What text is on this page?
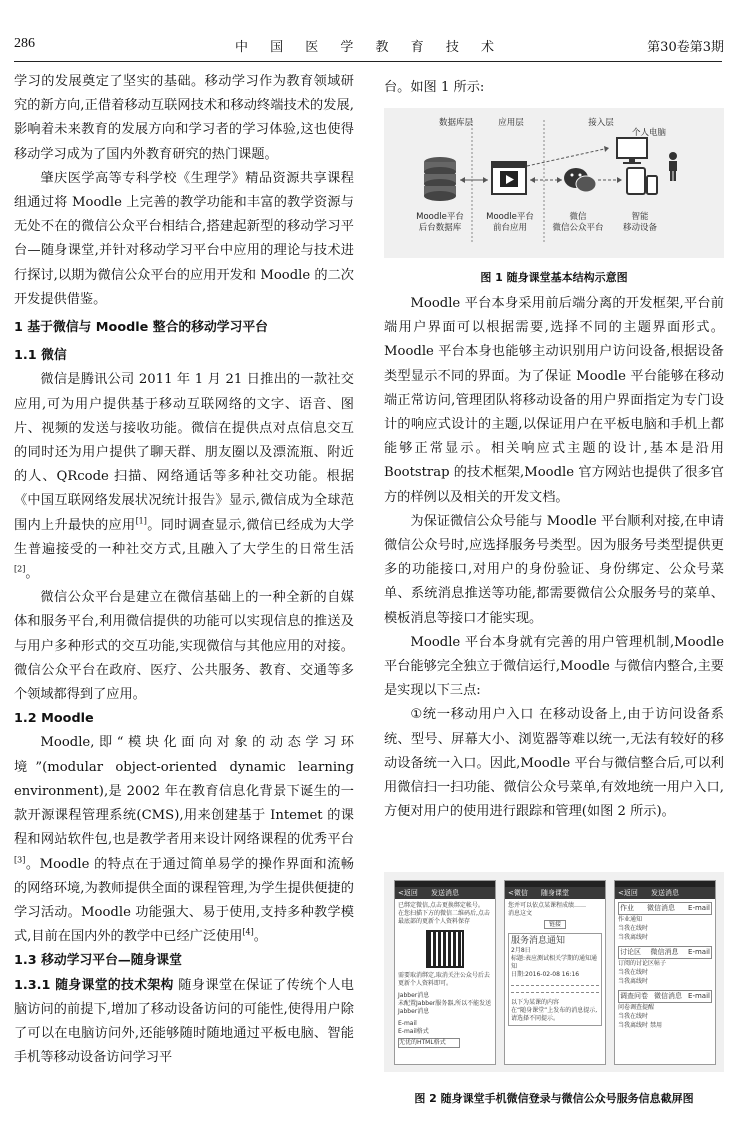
286	中 国 医 学 教 育 技 术	第30卷第3期

学习的发展奠定了坚实的基础。移动学习作为教育领域研究的新方向,正借着移动互联网技术和移动终端技术的发展,影响着未来教育的发展方向和学习者的学习体验,这也使得移动学习成为了国内外教育研究的热门课题。

肇庆医学高等专科学校《生理学》精品资源共享课程组通过将 Moodle 上完善的教学功能和丰富的教学资源与无处不在的微信公众平台相结合,搭建起新型的移动学习平台—随身课堂,并针对移动学习平台中应用的理论与技术进行探讨,以期为微信公众平台的应用开发和 Moodle 的二次开发提供借鉴。

1 基于微信与 Moodle 整合的移动学习平台

1.1 微信

微信是腾讯公司 2011 年 1 月 21 日推出的一款社交应用,可为用户提供基于移动互联网络的文字、语音、图片、视频的发送与接收功能。微信在提供点对点信息交互的同时还为用户提供了聊天群、朋友圈以及漂流瓶、附近的人、QRcode 扫描、网络通话等多种社交功能。根据《中国互联网络发展状况统计报告》显示,微信成为全球范围内上升最快的应用[1]。同时调查显示,微信已经成为大学生普遍接受的一种社交方式,且融入了大学生的日常生活[2]。

微信公众平台是建立在微信基础上的一种全新的自媒体和服务平台,利用微信提供的功能可以实现信息的推送及与用户多种形式的交互功能,实现微信与其他应用的对接。微信公众平台在政府、医疗、公共服务、教育、交通等多个领域都得到了应用。

1.2 Moodle

Moodle,即“模块化面向对象的动态学习环境”(modular object-oriented dynamic learning environment),是 2002 年在教育信息化背景下诞生的一款开源课程管理系统(CMS),用来创建基于 Intemet 的课程和网站软件包,也是教学者用来设计网络课程的优秀平台[3]。Moodle 的特点在于通过简单易学的操作界面和流畅的网络环境,为教师提供全面的课程管理,为学生提供便捷的学习活动。Moodle 功能强大、易于使用,支持多种教学模式,目前在国内外的教学中已经广泛使用[4]。

1.3 移动学习平台—随身课堂

1.3.1 随身课堂的技术架构 随身课堂在保证了传统个人电脑访问的前提下,增加了移动设备访问的可能性,使得用户除了可以在电脑访问外,还能够随时随地通过平板电脑、智能手机等移动设备访问学习平

台。如图 1 所示:

数据库层	应用层	接入层
个人电脑
Moodle平台
后台数据库
Moodle平台
前台应用
微信
微信公众平台
智能
移动设备
图 1 随身课堂基本结构示意图

Moodle 平台本身采用前后端分离的开发框架,平台前端用户界面可以根据需要,选择不同的主题界面形式。Moodle 平台本身也能够主动识别用户访问设备,根据设备类型显示不同的界面。为了保证 Moodle 平台能够在移动端正常访问,管理团队将移动设备的用户界面指定为专门设计的响应式设计的主题,以保证用户在平板电脑和手机上都能够正常显示。相关响应式主题的设计,基本是沿用 Bootstrap 的技术框架,Moodle 官方网站也提供了很多官方的样例以及相关的开发文档。

为保证微信公众号能与 Moodle 平台顺利对接,在申请微信公众号时,应选择服务号类型。因为服务号类型提供更多的功能接口,对用户的身份验证、身份绑定、公众号菜单、系统消息推送等功能,都需要微信公众服务号的菜单、模板消息等接口才能实现。

Moodle 平台本身就有完善的用户管理机制,Moodle 平台能够完全独立于微信运行,Moodle 与微信内整合,主要是实现以下三点:

①统一移动用户入口 在移动设备上,由于访问设备系统、型号、屏幕大小、浏览器等难以统一,无法有较好的移动设备统一入口。因此,Moodle 平台与微信整合后,可以利用微信扫一扫功能、微信公众号菜单,有效地统一用户入口,方便对用户的使用进行跟踪和管理(如图 2 所示)。

<返回 发送消息
已绑定微信,点击更换绑定帐号。
在您扫描下方的微信二维码后,点击最底部的更新个人资料保存
需要取消绑定,取消关注公众号后去更新个人资料即可。
Jabber消息
未配置Jabber服务器,所以不能发送Jabber消息
E-mail
E-mail格式
无优的HTML格式
<微信 随身课堂
您并可以依点某课程成绩……
消息这文
链接
服务消息通知
2月8日
标题:表应测试相关学期的通知通知
日期:2016-02-08 16:16
以下为某课的内容
在“随身课堂”上发布的消息提示,请选择不同提示。
<返回 发送消息
作业 微信消息 E-mail
作业通知
当我在线时
当我离线时
讨论区 微信消息 E-mail
订阅的讨论区帖子
当我在线时
当我离线时
调查问卷 微信消息 E-mail
问卷调查提醒
当我在线时
当我离线时 禁用
图 2 随身课堂手机微信登录与微信公众号服务信息截屏图
